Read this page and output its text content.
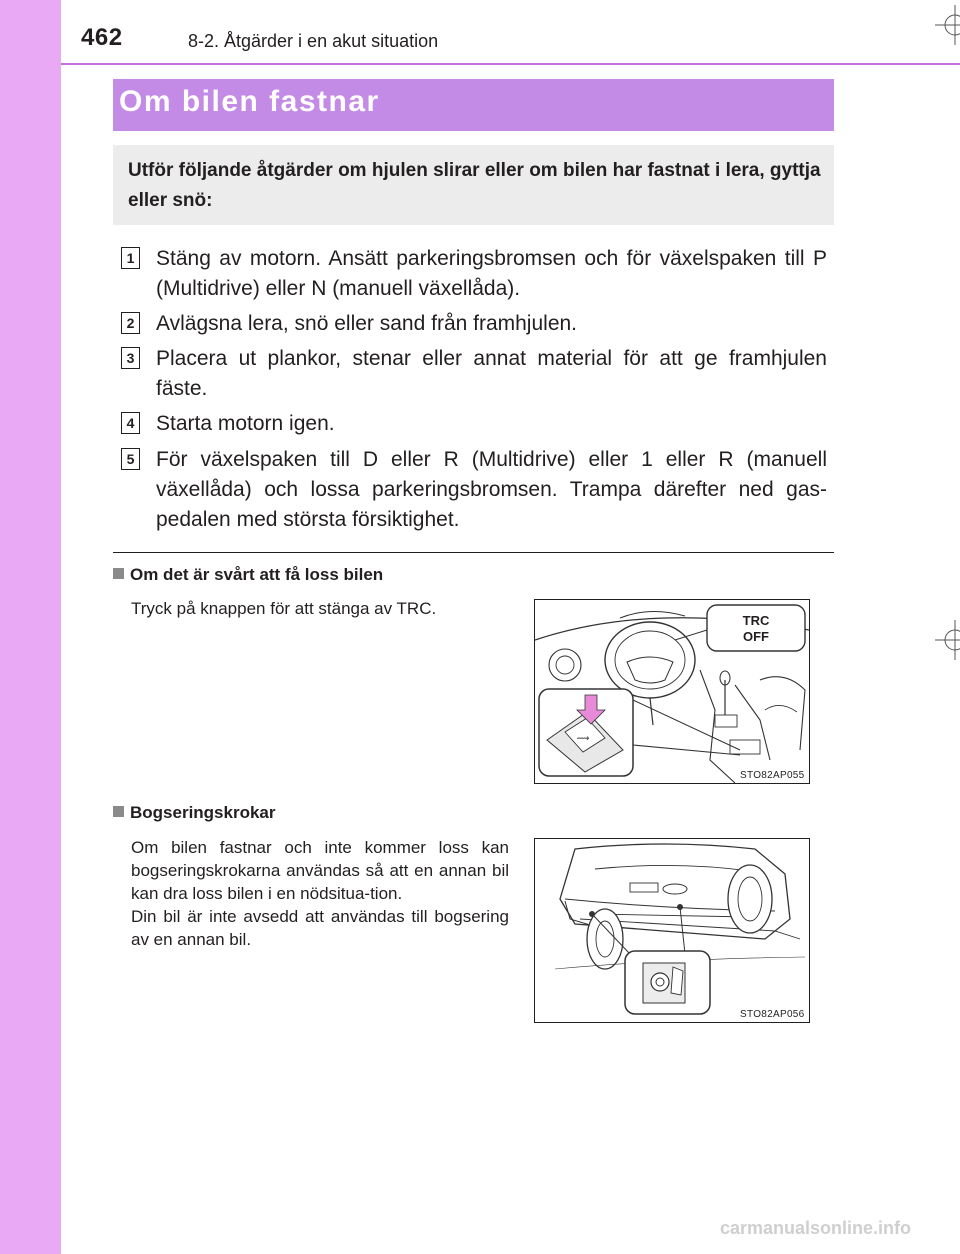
462	8-2. Åtgärder i en akut situation
Om bilen fastnar
Utför följande åtgärder om hjulen slirar eller om bilen har fastnat i lera, gyttja eller snö:
1 Stäng av motorn. Ansätt parkeringsbromsen och för växelspaken till P (Multidrive) eller N (manuell växellåda).
2 Avlägsna lera, snö eller sand från framhjulen.
3 Placera ut plankor, stenar eller annat material för att ge framhjulen fäste.
4 Starta motorn igen.
5 För växelspaken till D eller R (Multidrive) eller 1 eller R (manuell växellåda) och lossa parkeringsbromsen. Trampa därefter ned gas-pedalen med största försiktighet.
Om det är svårt att få loss bilen
Tryck på knappen för att stänga av TRC.
TRC
OFF
⟿
STO82AP055
Bogseringskrokar
Om bilen fastnar och inte kommer loss kan bogseringskrokarna användas så att en annan bil kan dra loss bilen i en nödsitua-tion.
Din bil är inte avsedd att användas till bogsering av en annan bil.
STO82AP056
carmanualsonline.info
